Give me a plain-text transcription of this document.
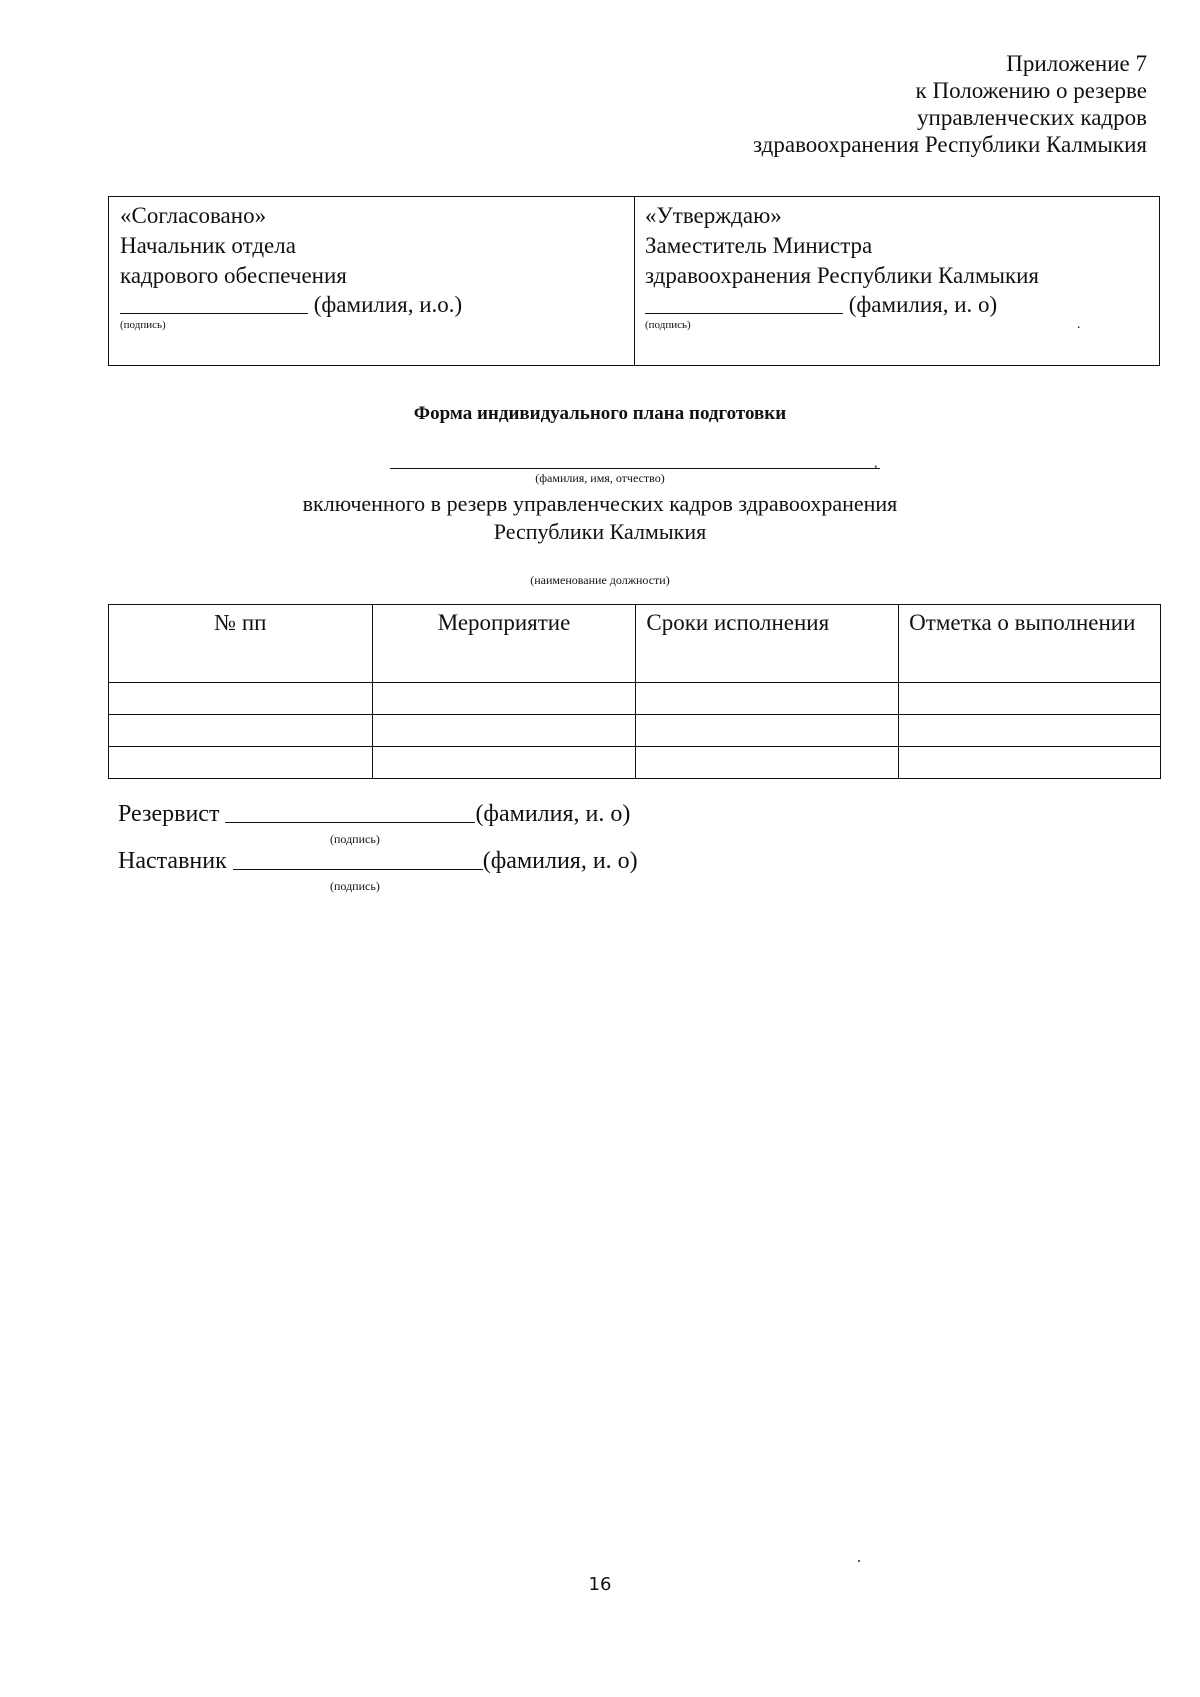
Приложение 7
к Положению о резерве
управленческих кадров
здравоохранения Республики Калмыкия
«Согласовано»
Начальник отдела
кадрового обеспечения
(фамилия, и.о.)
(подпись)
«Утверждаю»
Заместитель Министра
здравоохранения Республики Калмыкия
(фамилия, и. о)
(подпись)	·
Форма индивидуального плана подготовки
,
(фамилия, имя, отчество)
включенного в резерв управленческих кадров здравоохранения
Республики Калмыкия
(наименование должности)
№ пп	Мероприятие	Сроки исполнения	Отметка о выполнении

Резервист	(фамилия, и. о)
(подпись)
Наставник	(фамилия, и. о)
(подпись)
16
